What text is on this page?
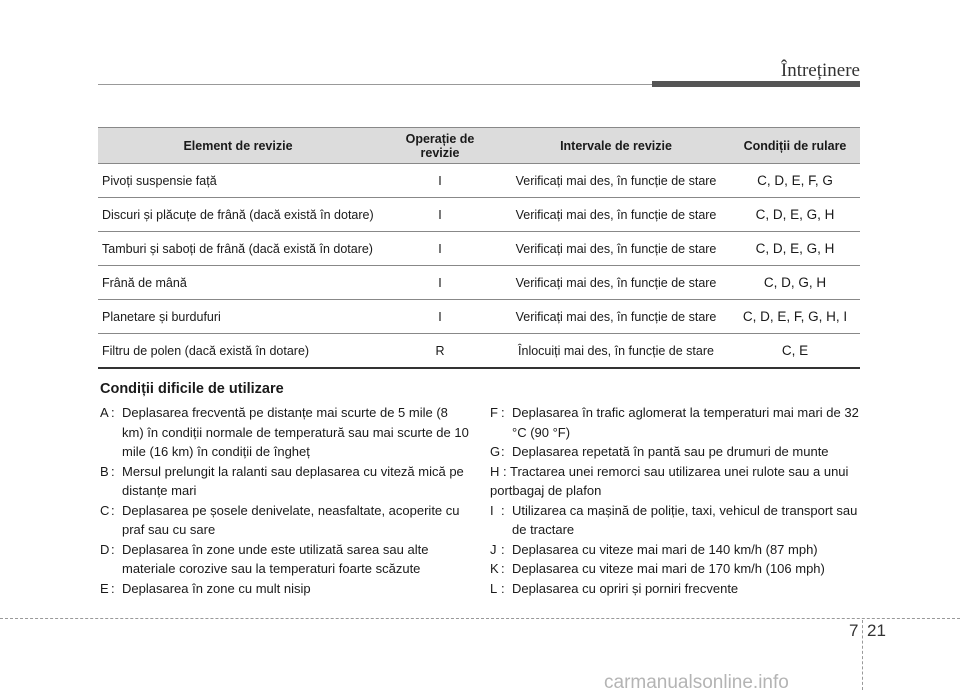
Întreținere
Element de revizie	Operație de revizie	Intervale de revizie	Condiții de rulare
Pivoți suspensie față	I	Verificați mai des, în funcție de stare	C, D, E, F, G
Discuri și plăcuțe de frână (dacă există în dotare)	I	Verificați mai des, în funcție de stare	C, D, E, G, H
Tamburi și saboți de frână (dacă există în dotare)	I	Verificați mai des, în funcție de stare	C, D, E, G, H
Frână de mână	I	Verificați mai des, în funcție de stare	C, D, G, H
Planetare și burdufuri	I	Verificați mai des, în funcție de stare	C, D, E, F, G, H, I
Filtru de polen (dacă există în dotare)	R	Înlocuiți mai des, în funcție de stare	C, E
Condiții dificile de utilizare
A : Deplasarea frecventă pe distanțe mai scurte de 5 mile (8 km) în condiții normale de temperatură sau mai scurte de 10 mile (16 km) în condiții de îngheț
B : Mersul prelungit la ralanti sau deplasarea cu viteză mică pe distanțe mari
C : Deplasarea pe șosele denivelate, neasfaltate, acoperite cu praf sau cu sare
D : Deplasarea în zone unde este utilizată sarea sau alte materiale corozive sau la temperaturi foarte scăzute
E : Deplasarea în zone cu mult nisip
F : Deplasarea în trafic aglomerat la temperaturi mai mari de 32 °C (90 °F)
G : Deplasarea repetată în pantă sau pe drumuri de munte
H : Tractarea unei remorci sau utilizarea unei rulote sau a unui portbagaj de plafon
I : Utilizarea ca mașină de poliție, taxi, vehicul de transport sau de tractare
J : Deplasarea cu viteze mai mari de 140 km/h (87 mph)
K : Deplasarea cu viteze mai mari de 170 km/h (106 mph)
L : Deplasarea cu opriri și porniri frecvente
7 21
carmanualsonline.info
